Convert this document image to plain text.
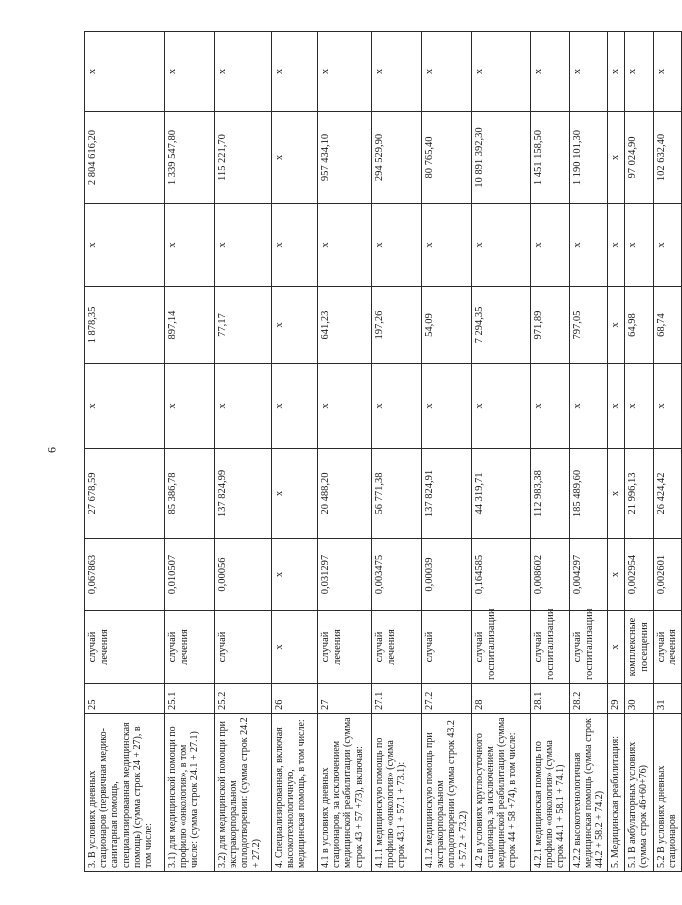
6
3. В условиях дневных стационаров (первичная медико-санитарная помощь, специализированная медицинская помощь) (сумма строк 24 + 27), в том числе:	25	случай лечения	0,067863	27 678,59	х	1 878,35	х	2 804 616,20	х
3.1) для медицинской помощи по профилю «онкология», в том числе: (сумма строк 24.1 + 27.1)	25.1	случай лечения	0,010507	85 386,78	х	897,14	х	1 339 547,80	х
3.2) для медицинской помощи при экстракорпоральном оплодотворении: (сумма строк 24.2 + 27.2)	25.2	случай	0,00056	137 824,99	х	77,17	х	115 221,70	х
4. Специализированная, включая высокотехнологичную, медицинская помощь, в том числе:	26	х	х	х	х	х	х	х	х
4.1 в условиях дневных стационаров, за исключением медицинской реабилитации (сумма строк 43 + 57 +73), включая:	27	случай лечения	0,031297	20 488,20	х	641,23	х	957 434,10	х
4.1.1 медицинскую помощь по профилю «онкология» (сумма строк 43.1 + 57.1 + 73.1):	27.1	случай лечения	0,003475	56 771,38	х	197,26	х	294 529,90	х
4.1.2 медицинскую помощь при экстракорпоральном оплодотворении (сумма строк 43.2 + 57.2 + 73.2)	27.2	случай	0,00039	137 824,91	х	54,09	х	80 765,40	х
4.2 в условиях круглосуточного стационара, за исключением медицинской реабилитации (сумма строк 44 + 58 +74), в том числе:	28	случай госпитализации	0,164585	44 319,71	х	7 294,35	х	10 891 392,30	х
4.2.1 медицинская помощь по профилю «онкология» (сумма строк 44.1 + 58.1 + 74.1)	28.1	случай госпитализации	0,008602	112 983,38	х	971,89	х	1 451 158,50	х
4.2.2 высокотехнологичная медицинская помощь (сумма строк 44.2 + 58.2 + 74.2)	28.2	случай госпитализации	0,004297	185 489,60	х	797,05	х	1 190 101,30	х
5. Медицинская реабилитация:	29	х	х	х	х	х	х	х	х
5.1 В амбулаторных условиях (сумма строк 46+60+76)	30	комплексные посещения	0,002954	21 996,13	х	64,98	х	97 024,90	х
5.2 В условиях дневных стационаров	31	случай лечения	0,002601	26 424,42	х	68,74	х	102 632,40	х
